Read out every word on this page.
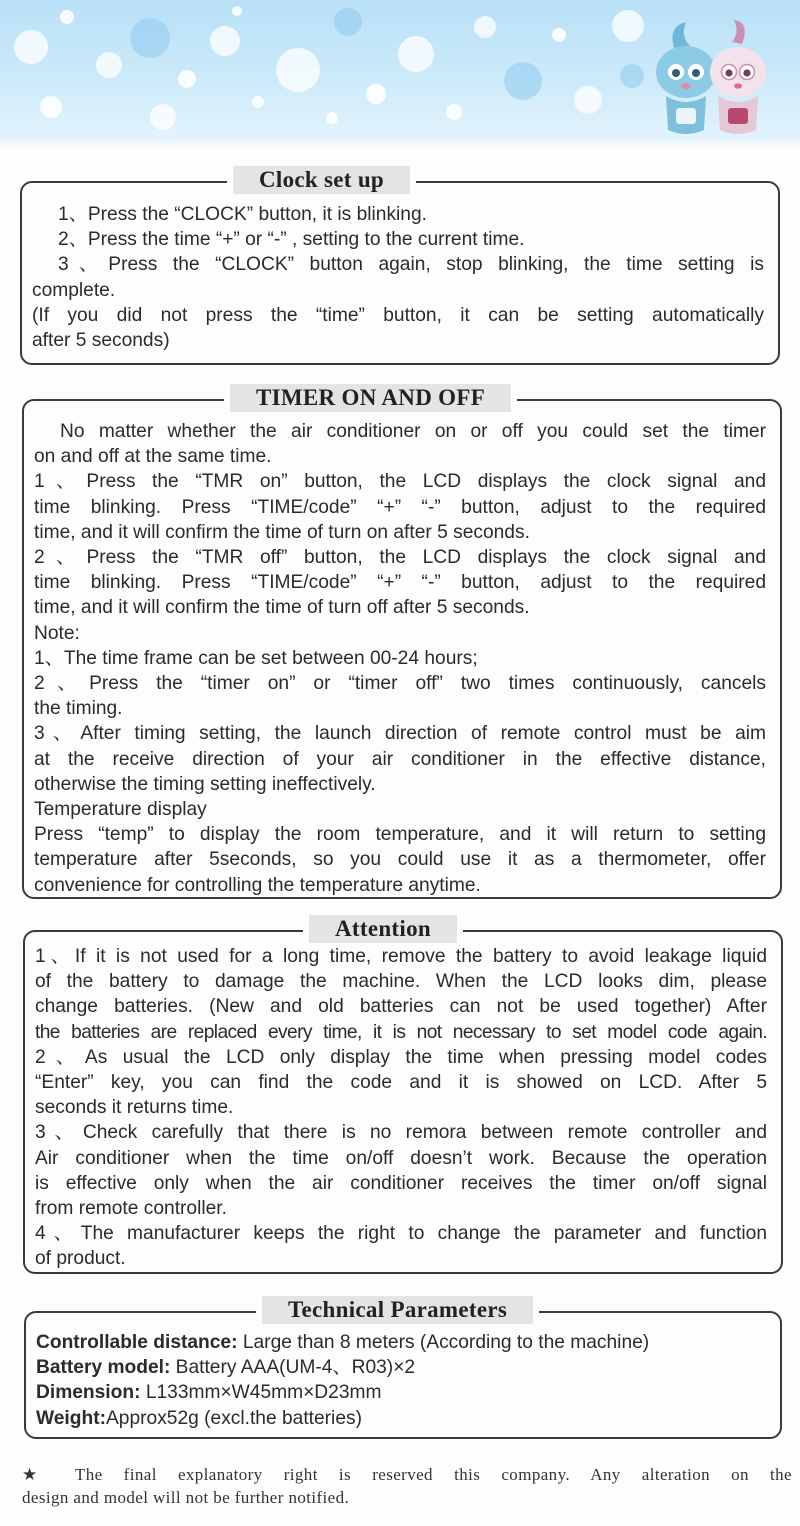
Clock set up
1、Press the “CLOCK” button, it is blinking.
2、Press the time “+” or “-” , setting to the current time.
3、Press the “CLOCK” button again, stop blinking, the time setting is
complete.
(If you did not press the “time” button, it can be setting automatically
after 5 seconds)
TIMER ON AND OFF
No matter whether the air conditioner on or off you could set the timer
on and off at the same time.
1、Press the “TMR on” button, the LCD displays the clock signal and
time blinking. Press “TIME/code” “+” “-” button, adjust to the required
time, and it will confirm the time of turn on after 5 seconds.
2、Press the “TMR off” button, the LCD displays the clock signal and
time blinking. Press “TIME/code” “+” “-” button, adjust to the required
time, and it will confirm the time of turn off after 5 seconds.
Note:
1、The time frame can be set between 00-24 hours;
2、Press the “timer on” or “timer off” two times continuously, cancels
the timing.
3、After timing setting, the launch direction of remote control must be aim
at the receive direction of your air conditioner in the effective distance,
otherwise the timing setting ineffectively.
Temperature display
Press “temp” to display the room temperature, and it will return to setting
temperature after 5seconds, so you could use it as a thermometer, offer
convenience for controlling the temperature anytime.
Attention
1、If it is not used for a long time, remove the battery to avoid leakage liquid
of the battery to damage the machine. When the LCD looks dim, please
change batteries. (New and old batteries can not be used together) After
the batteries are replaced every time, it is not necessary to set model code again.
2、As usual the LCD only display the time when pressing model codes
“Enter” key, you can find the code and it is showed on LCD. After 5
seconds it returns time.
3、Check carefully that there is no remora between remote controller and
Air conditioner when the time on/off doesn’t work. Because the operation
is effective only when the air conditioner receives the timer on/off signal
from remote controller.
4、The manufacturer keeps the right to change the parameter and function
of product.
Technical Parameters
Controllable distance: Large than 8 meters (According to the machine)
Battery model: Battery AAA(UM-4、R03)×2
Dimension: L133mm×W45mm×D23mm
Weight:Approx52g (excl.the batteries)
★ The final explanatory right is reserved this company. Any alteration on the
design and model will not be further notified.
